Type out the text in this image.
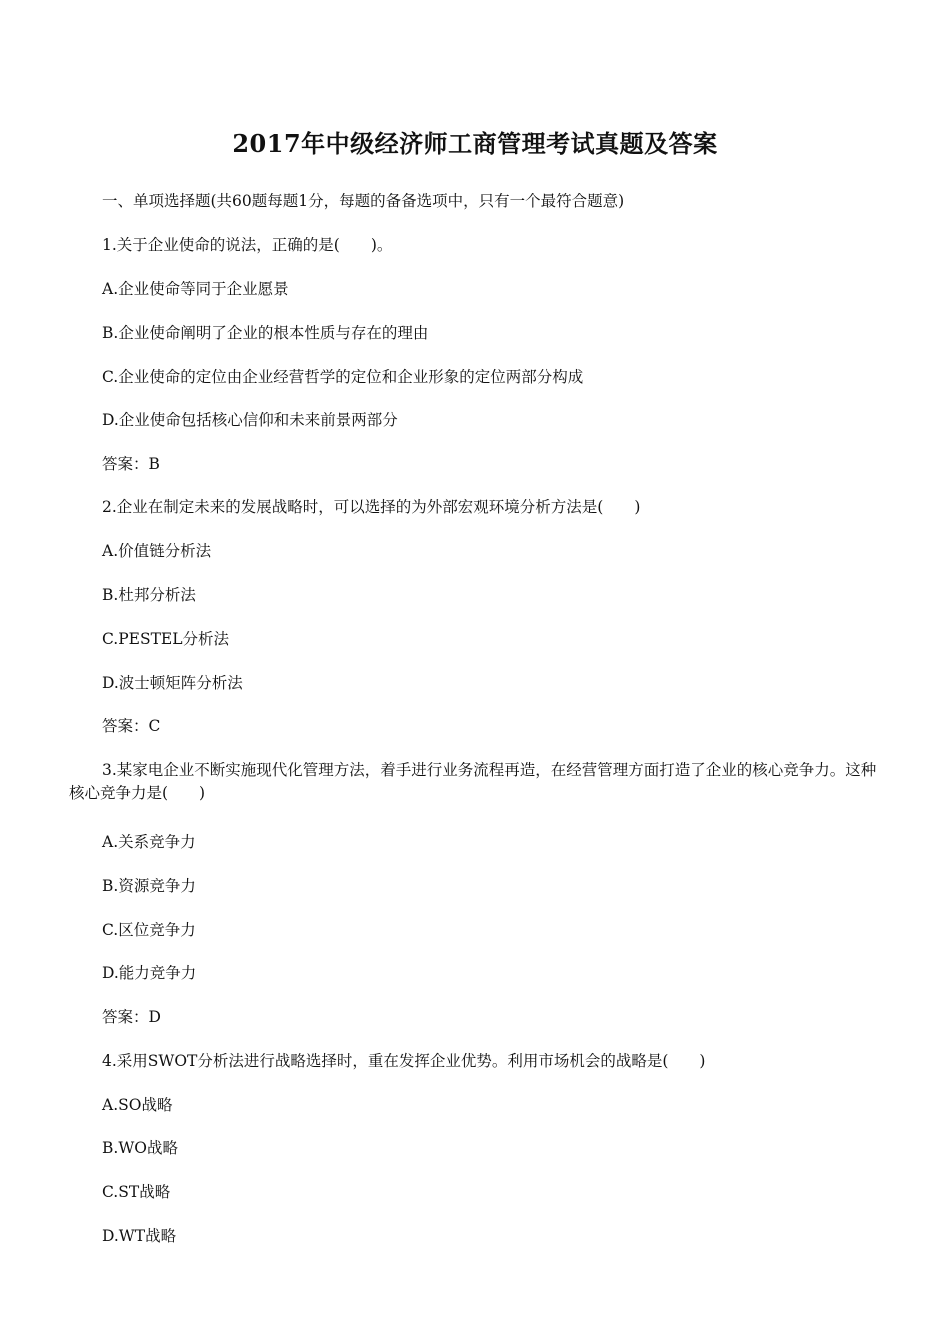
2017年中级经济师工商管理考试真题及答案
一、单项选择题(共60题每题1分，每题的备备选项中，只有一个最符合题意)
1.关于企业使命的说法，正确的是(　　)。
A.企业使命等同于企业愿景
B.企业使命阐明了企业的根本性质与存在的理由
C.企业使命的定位由企业经营哲学的定位和企业形象的定位两部分构成
D.企业使命包括核心信仰和未来前景两部分
答案：B
2.企业在制定未来的发展战略时，可以选择的为外部宏观环境分析方法是(　　)
A.价值链分析法
B.杜邦分析法
C.PESTEL分析法
D.波士顿矩阵分析法
答案：C
3.某家电企业不断实施现代化管理方法，着手进行业务流程再造，在经营管理方面打造了企业的核心竞争力。这种核心竞争力是(　　)
A.关系竞争力
B.资源竞争力
C.区位竞争力
D.能力竞争力
答案：D
4.采用SWOT分析法进行战略选择时，重在发挥企业优势。利用市场机会的战略是(　　)
A.SO战略
B.WO战略
C.ST战略
D.WT战略
